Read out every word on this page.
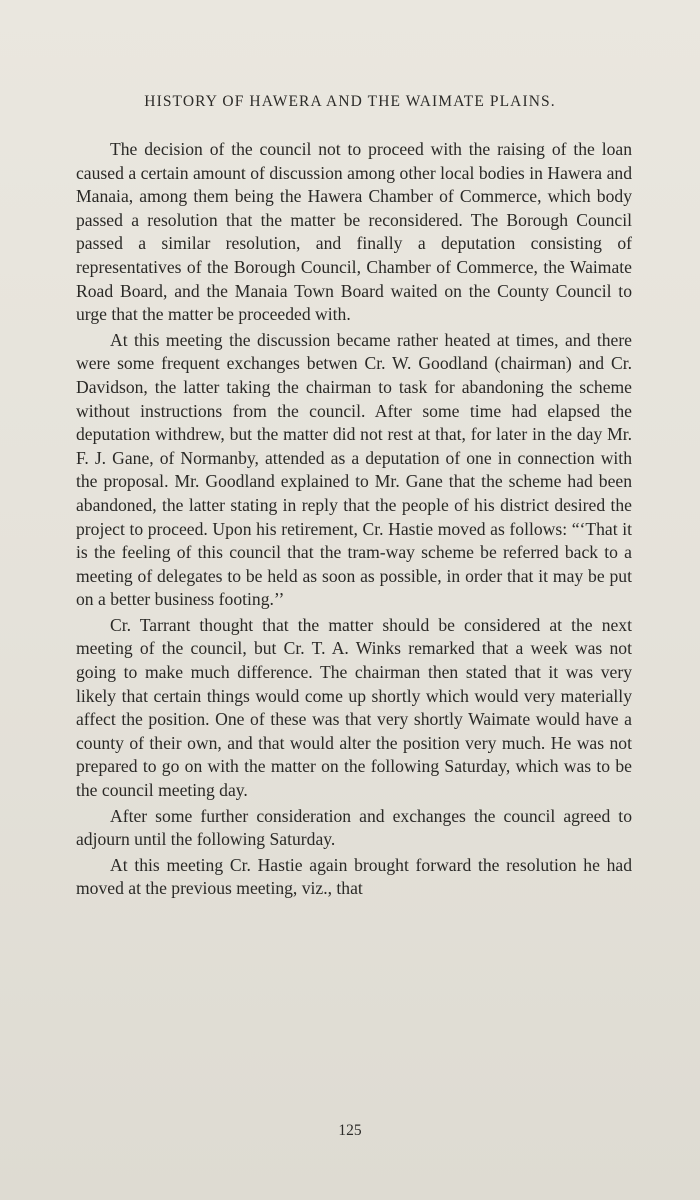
HISTORY OF HAWERA AND THE WAIMATE PLAINS.

The decision of the council not to proceed with the raising of the loan caused a certain amount of discussion among other local bodies in Hawera and Manaia, among them being the Hawera Chamber of Commerce, which body passed a resolution that the matter be reconsidered. The Borough Council passed a similar resolution, and finally a deputation consisting of representatives of the Borough Council, Chamber of Commerce, the Waimate Road Board, and the Manaia Town Board waited on the County Council to urge that the matter be proceeded with.

At this meeting the discussion became rather heated at times, and there were some frequent exchanges betwen Cr. W. Goodland (chairman) and Cr. Davidson, the latter taking the chairman to task for abandoning the scheme without instructions from the council. After some time had elapsed the deputation withdrew, but the matter did not rest at that, for later in the day Mr. F. J. Gane, of Normanby, attended as a deputation of one in connection with the proposal. Mr. Goodland explained to Mr. Gane that the scheme had been abandoned, the latter stating in reply that the people of his district desired the project to proceed. Upon his retirement, Cr. Hastie moved as follows: “‘That it is the feeling of this council that the tram-way scheme be referred back to a meeting of delegates to be held as soon as possible, in order that it may be put on a better business footing.’’

Cr. Tarrant thought that the matter should be considered at the next meeting of the council, but Cr. T. A. Winks remarked that a week was not going to make much difference. The chairman then stated that it was very likely that certain things would come up shortly which would very materially affect the position. One of these was that very shortly Waimate would have a county of their own, and that would alter the position very much. He was not prepared to go on with the matter on the following Saturday, which was to be the council meeting day.

After some further consideration and exchanges the council agreed to adjourn until the following Saturday.

At this meeting Cr. Hastie again brought forward the resolution he had moved at the previous meeting, viz., that

125
